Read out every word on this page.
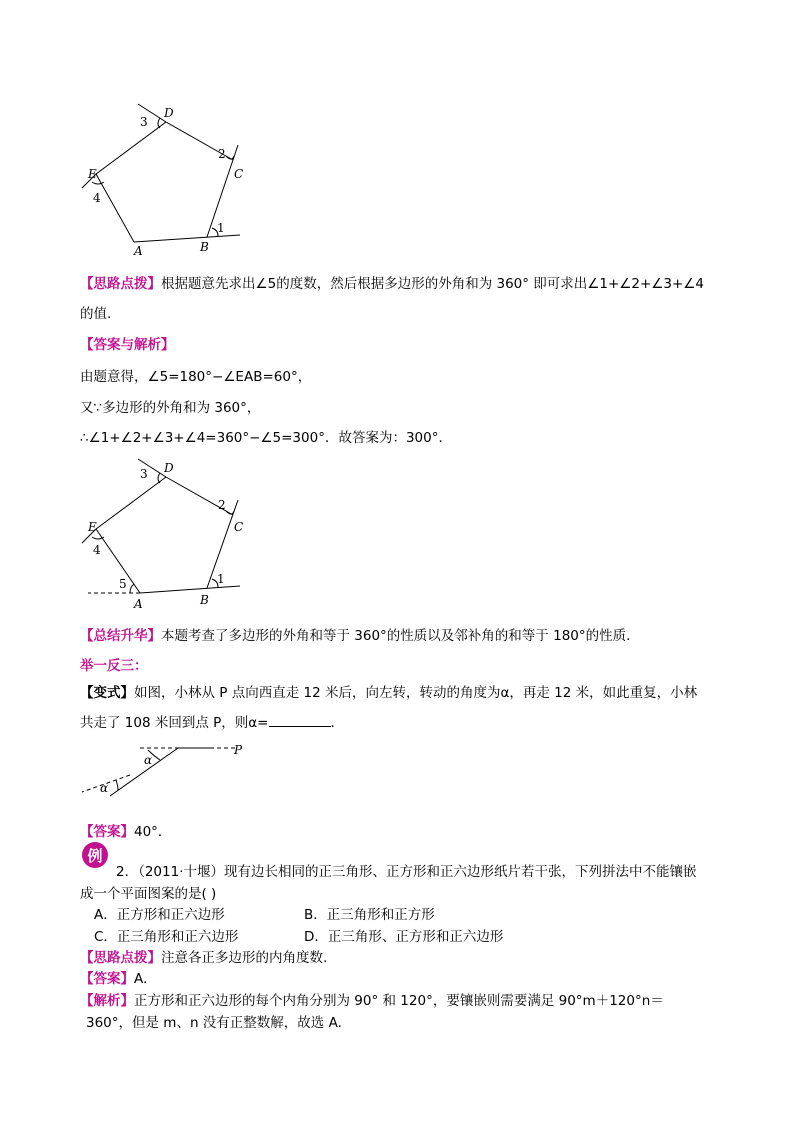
D
C
E
A	B
3
2
4
1
【思路点拨】根据题意先求出∠5的度数，然后根据多边形的外角和为 360° 即可求出∠1+∠2+∠3+∠4
的值.
【答案与解析】
由题意得，∠5=180°−∠EAB=60°，
又∵多边形的外角和为 360°，
∴∠1+∠2+∠3+∠4=360°−∠5=300°．故答案为：300°．
D
C
E
A	B
3
2
4
1
5
【总结升华】本题考查了多边形的外角和等于 360°的性质以及邻补角的和等于 180°的性质.
举一反三：
【变式】如图，小林从 P 点向西直走 12 米后，向左转，转动的角度为α，再走 12 米，如此重复，小林
共走了 108 米回到点 P，则α=	.
P
α
α
【答案】40°．
例
2．（2011·十堰）现有边长相同的正三角形、正方形和正六边形纸片若干张，下列拼法中不能镶嵌
成一个平面图案的是( )
A．正方形和正六边形	B．正三角形和正方形
C．正三角形和正六边形	D．正三角形、正方形和正六边形
【思路点拨】注意各正多边形的内角度数.
【答案】A.
【解析】正方形和正六边形的每个内角分别为 90° 和 120°，要镶嵌则需要满足 90°m＋120°n＝
360°，但是 m、n 没有正整数解，故选 A.
